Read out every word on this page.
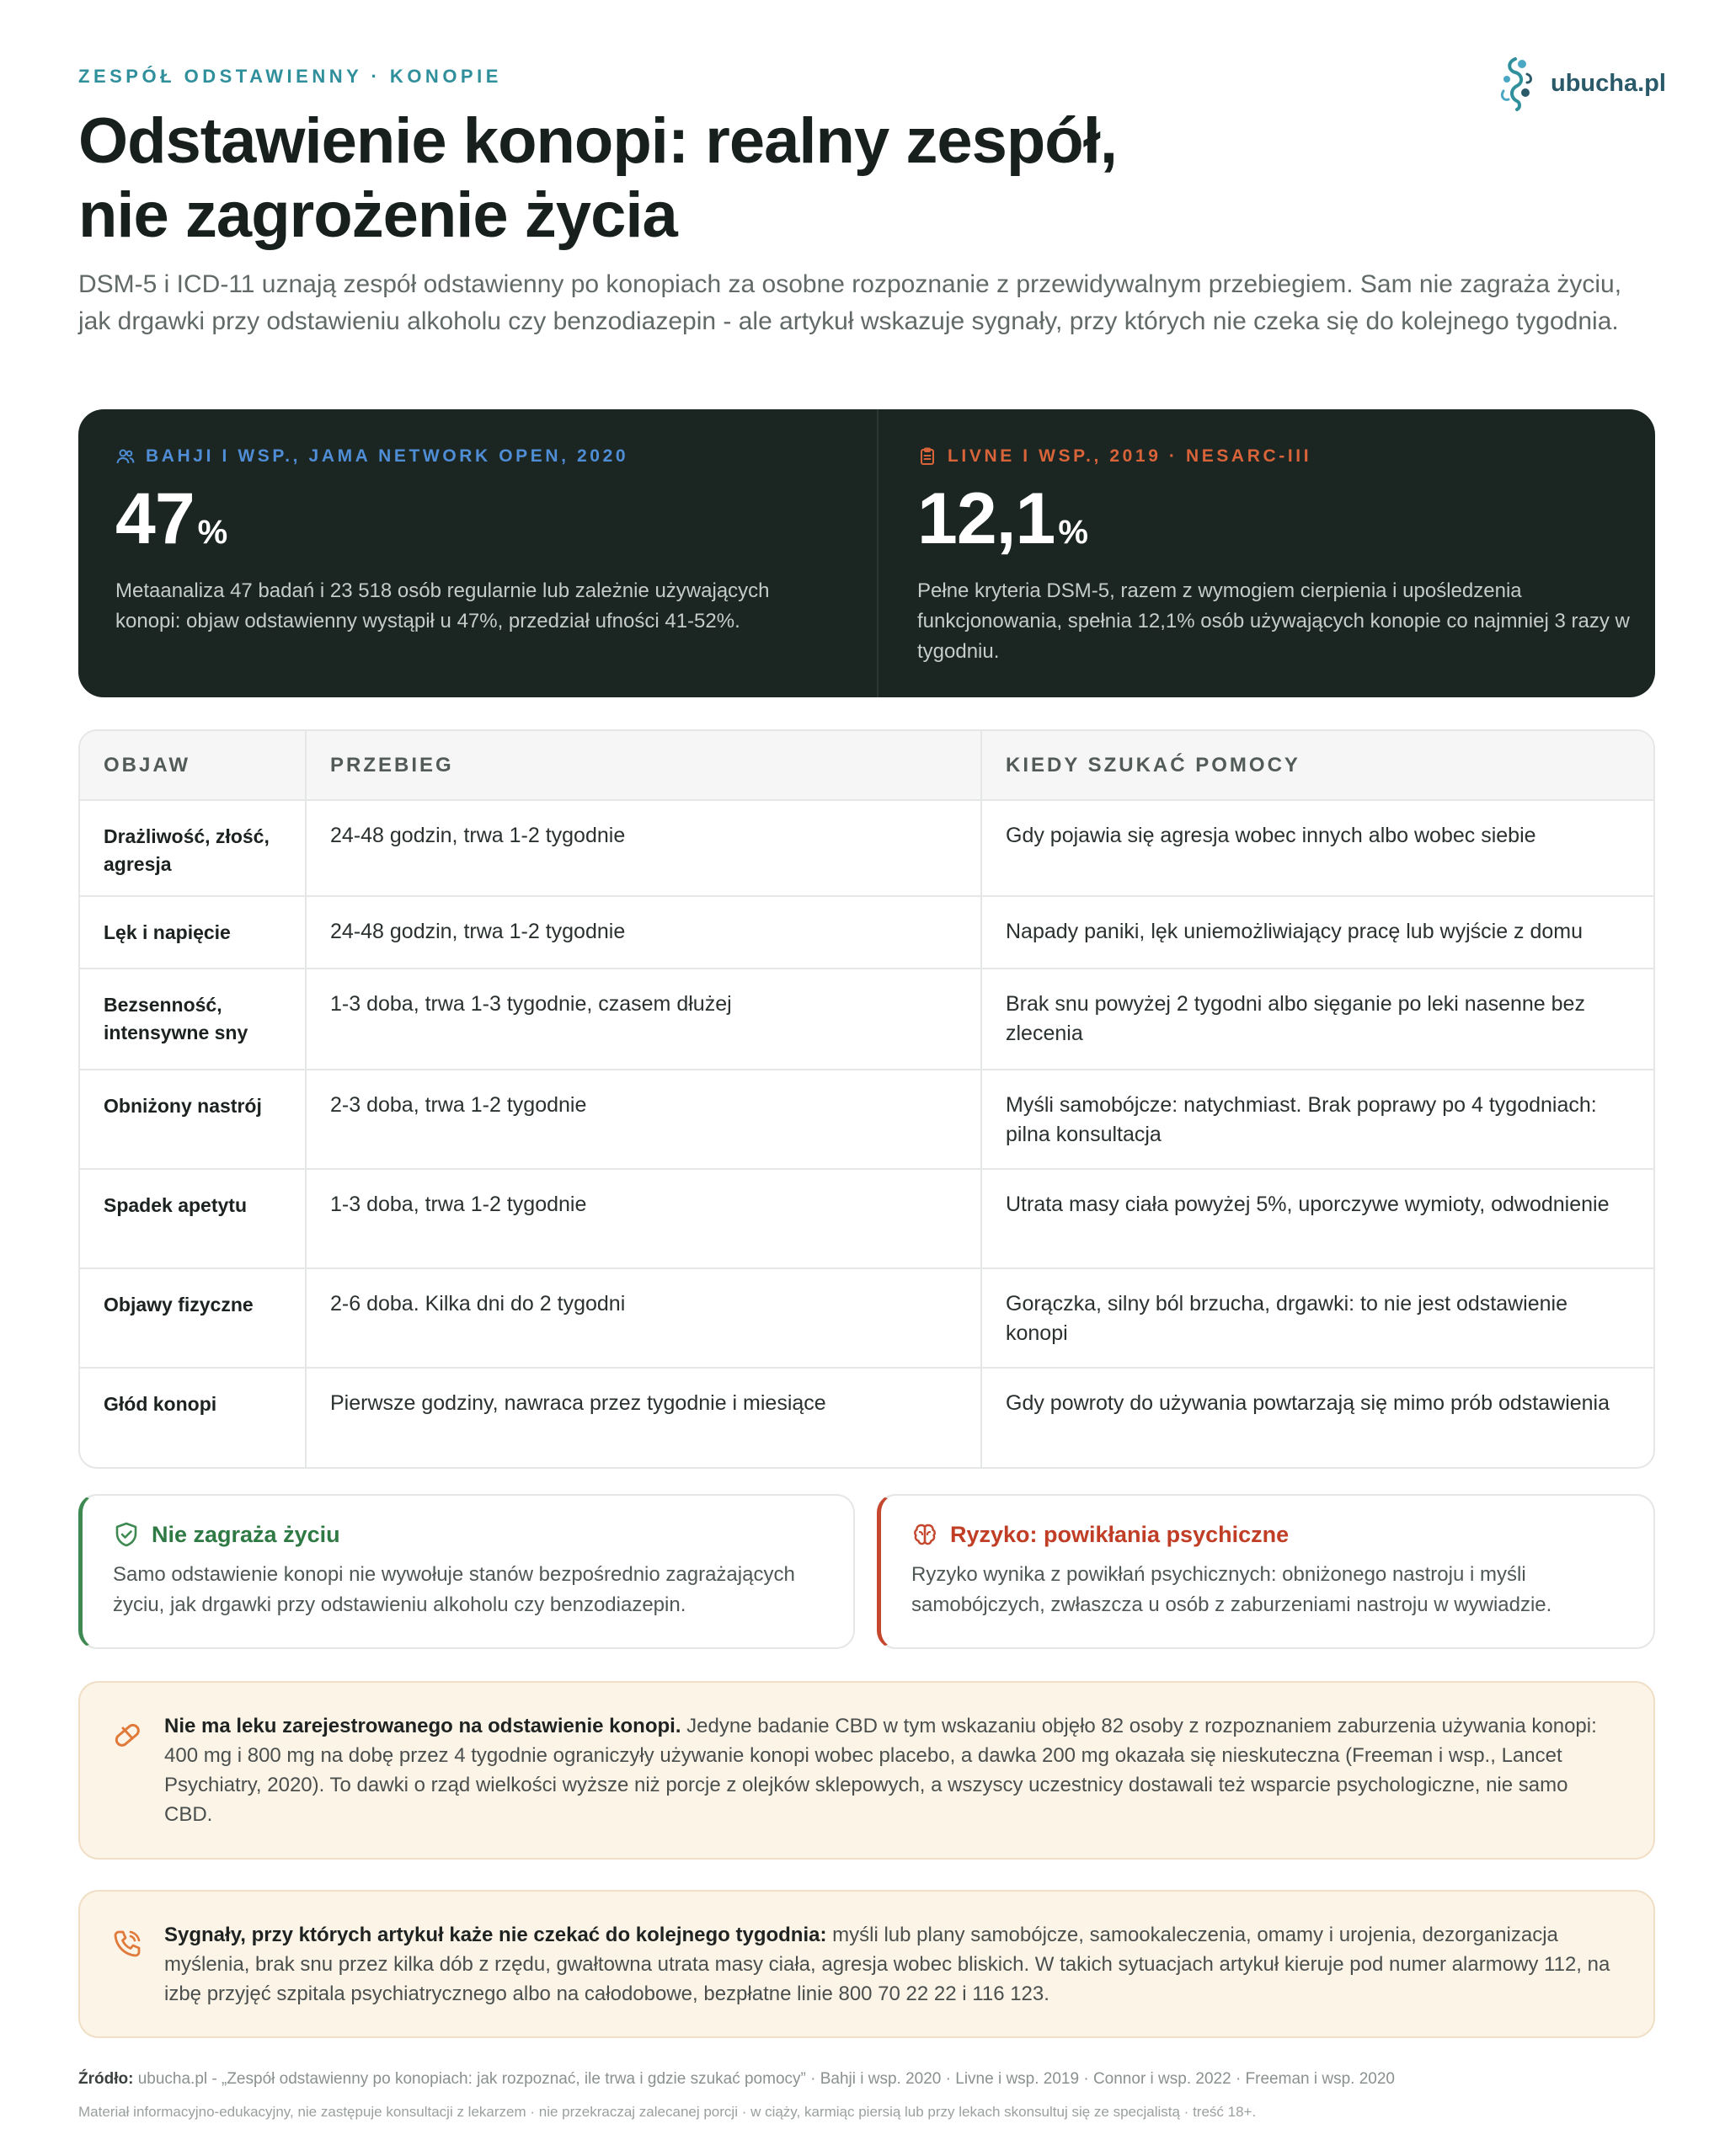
ZESPÓŁ ODSTAWIENNY · KONOPIE	ubucha.pl
Odstawienie konopi: realny zespół,
nie zagrożenie życia

DSM-5 i ICD-11 uznają zespół odstawienny po konopiach za osobne rozpoznanie z przewidywalnym przebiegiem. Sam nie zagraża życiu, jak drgawki przy odstawieniu alkoholu czy benzodiazepin - ale artykuł wskazuje sygnały, przy których nie czeka się do kolejnego tygodnia.

BAHJI I WSP., JAMA NETWORK OPEN, 2020
47 %

Metaanaliza 47 badań i 23 518 osób regularnie lub zależnie używających konopi: objaw odstawienny wystąpił u 47%, przedział ufności 41-52%.

LIVNE I WSP., 2019 · NESARC-III
12,1 %

Pełne kryteria DSM-5, razem z wymogiem cierpienia i upośledzenia funkcjonowania, spełnia 12,1% osób używających konopie co najmniej 3 razy w tygodniu.

OBJAW	PRZEBIEG	KIEDY SZUKAĆ POMOCY
Drażliwość, złość, agresja	24-48 godzin, trwa 1-2 tygodnie	Gdy pojawia się agresja wobec innych albo wobec siebie
Lęk i napięcie	24-48 godzin, trwa 1-2 tygodnie	Napady paniki, lęk uniemożliwiający pracę lub wyjście z domu
Bezsenność, intensywne sny	1-3 doba, trwa 1-3 tygodnie, czasem dłużej	Brak snu powyżej 2 tygodni albo sięganie po leki nasenne bez zlecenia
Obniżony nastrój	2-3 doba, trwa 1-2 tygodnie	Myśli samobójcze: natychmiast. Brak poprawy po 4 tygodniach: pilna konsultacja
Spadek apetytu	1-3 doba, trwa 1-2 tygodnie	Utrata masy ciała powyżej 5%, uporczywe wymioty, odwodnienie
Objawy fizyczne	2-6 doba. Kilka dni do 2 tygodni	Gorączka, silny ból brzucha, drgawki: to nie jest odstawienie konopi
Głód konopi	Pierwsze godziny, nawraca przez tygodnie i miesiące	Gdy powroty do używania powtarzają się mimo prób odstawienia
Nie zagraża życiu

Samo odstawienie konopi nie wywołuje stanów bezpośrednio zagrażających życiu, jak drgawki przy odstawieniu alkoholu czy benzodiazepin.

Ryzyko: powikłania psychiczne

Ryzyko wynika z powikłań psychicznych: obniżonego nastroju i myśli samobójczych, zwłaszcza u osób z zaburzeniami nastroju w wywiadzie.

Nie ma leku zarejestrowanego na odstawienie konopi. Jedyne badanie CBD w tym wskazaniu objęło 82 osoby z rozpoznaniem zaburzenia używania konopi: 400 mg i 800 mg na dobę przez 4 tygodnie ograniczyły używanie konopi wobec placebo, a dawka 200 mg okazała się nieskuteczna (Freeman i wsp., Lancet Psychiatry, 2020). To dawki o rząd wielkości wyższe niż porcje z olejków sklepowych, a wszyscy uczestnicy dostawali też wsparcie psychologiczne, nie samo CBD.

Sygnały, przy których artykuł każe nie czekać do kolejnego tygodnia: myśli lub plany samobójcze, samookaleczenia, omamy i urojenia, dezorganizacja myślenia, brak snu przez kilka dób z rzędu, gwałtowna utrata masy ciała, agresja wobec bliskich. W takich sytuacjach artykuł kieruje pod numer alarmowy 112, na izbę przyjęć szpitala psychiatrycznego albo na całodobowe, bezpłatne linie 800 70 22 22 i 116 123.

Źródło: ubucha.pl - „Zespół odstawienny po konopiach: jak rozpoznać, ile trwa i gdzie szukać pomocy” · Bahji i wsp. 2020 · Livne i wsp. 2019 · Connor i wsp. 2022 · Freeman i wsp. 2020

Materiał informacyjno-edukacyjny, nie zastępuje konsultacji z lekarzem · nie przekraczaj zalecanej porcji · w ciąży, karmiąc piersią lub przy lekach skonsultuj się ze specjalistą · treść 18+.
